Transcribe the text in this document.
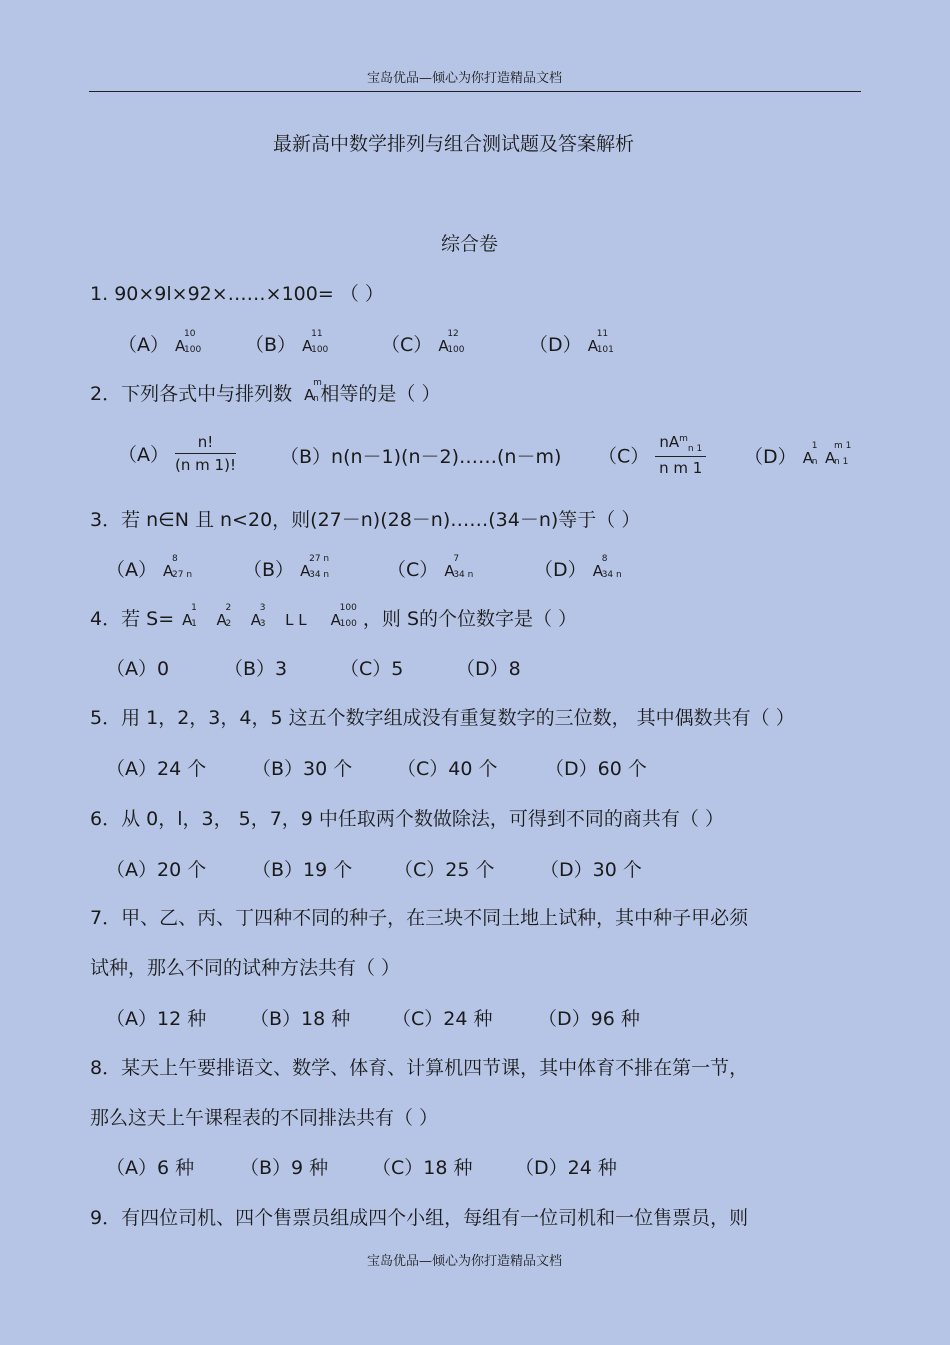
宝岛优品—倾心为你打造精品文档
最新高中数学排列与组合测试题及答案解析
综合卷
1. 90×9l×92×……×100= （ ）
（A） A
10
100 （B） A
11
100	（C） A
12
100	（D） A
11
101
2．下列各式中与排列数 A
m
n 相等的是（ ）
$(A) \frac{n!}{\text{(n m 1)!}}$ （B）n(n－1)(n－2)……(n－m) $(C) \frac{nA^m_{n 1}}{\text{n m 1}} (D)$ A
1
n A
m 1
n 1
3．若 n∈N 且 n<20，则(27－n)(28－n)……(34－n)等于（ ）
（A） A
8
27 n	（B） A
27 n
34 n	（C） A
7
34 n	（D） A
8
34 n
4．若 S= A
1
1 A
2
2 A
3
3 L L A
100
100 ，则 S的个位数字是（ ）
（A）0	（B）3	（C）5	（D）8
5．用 1，2，3，4，5 这五个数字组成没有重复数字的三位数， 其中偶数共有（ ）
（A）24 个 （B）30 个 （C）40 个	（D）60 个
6．从 0，l，3， 5，7，9 中任取两个数做除法，可得到不同的商共有（ ）
（A）20 个 （B）19 个 （C）25 个 （D）30 个
7．甲、乙、丙、丁四种不同的种子，在三块不同土地上试种，其中种子甲必须
试种，那么不同的试种方法共有（ ）
（A）12 种 （B）18 种 （C）24 种 （D）96 种
8．某天上午要排语文、数学、体育、计算机四节课，其中体育不排在第一节，
那么这天上午课程表的不同排法共有（ ）
（A）6 种 （B）9 种 （C）18 种 （D）24 种
9．有四位司机、四个售票员组成四个小组，每组有一位司机和一位售票员，则
宝岛优品—倾心为你打造精品文档
